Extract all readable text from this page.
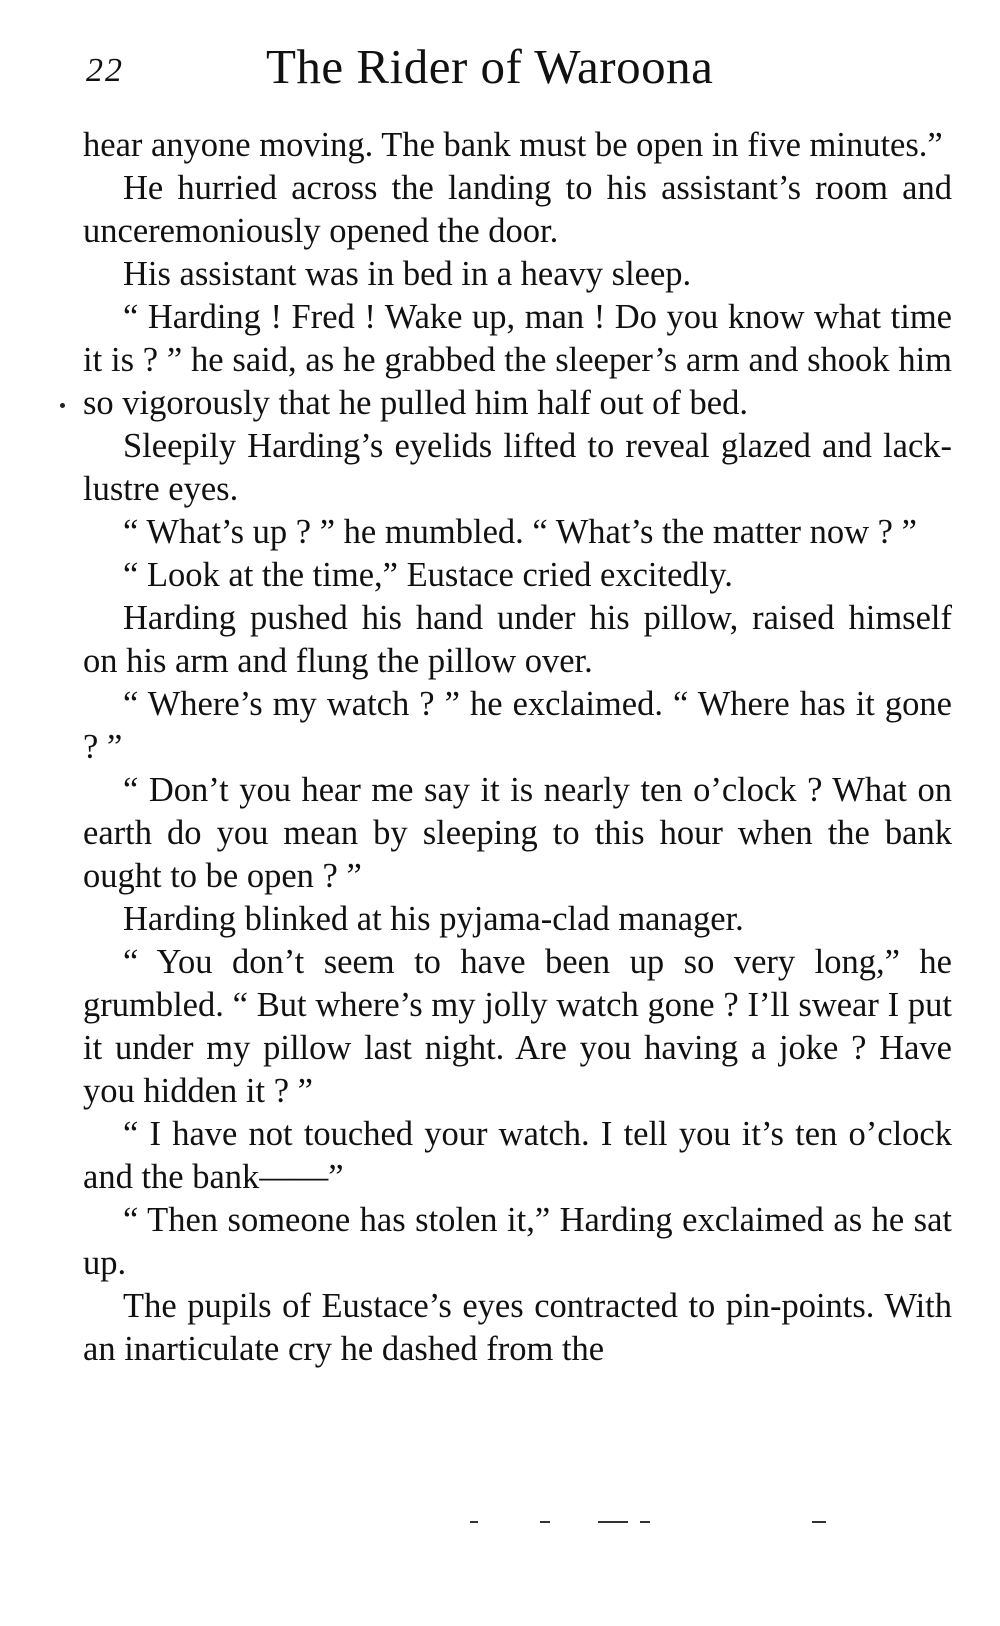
22	The Rider of Waroona

hear anyone moving. The bank must be open in five minutes.”

He hurried across the landing to his assistant’s room and unceremoniously opened the door.

His assistant was in bed in a heavy sleep.

“ Harding ! Fred ! Wake up, man ! Do you know what time it is ? ” he said, as he grabbed the sleeper’s arm and shook him so vigorously that he pulled him half out of bed.

Sleepily Harding’s eyelids lifted to reveal glazed and lack-lustre eyes.

“ What’s up ? ” he mumbled. “ What’s the matter now ? ”

“ Look at the time,” Eustace cried excitedly.

Harding pushed his hand under his pillow, raised himself on his arm and flung the pillow over.

“ Where’s my watch ? ” he exclaimed. “ Where has it gone ? ”

“ Don’t you hear me say it is nearly ten o’clock ? What on earth do you mean by sleeping to this hour when the bank ought to be open ? ”

Harding blinked at his pyjama-clad manager.

“ You don’t seem to have been up so very long,” he grumbled. “ But where’s my jolly watch gone ? I’ll swear I put it under my pillow last night. Are you having a joke ? Have you hidden it ? ”

“ I have not touched your watch. I tell you it’s ten o’clock and the bank——”

“ Then someone has stolen it,” Harding exclaimed as he sat up.

The pupils of Eustace’s eyes contracted to pin-points. With an inarticulate cry he dashed from the
